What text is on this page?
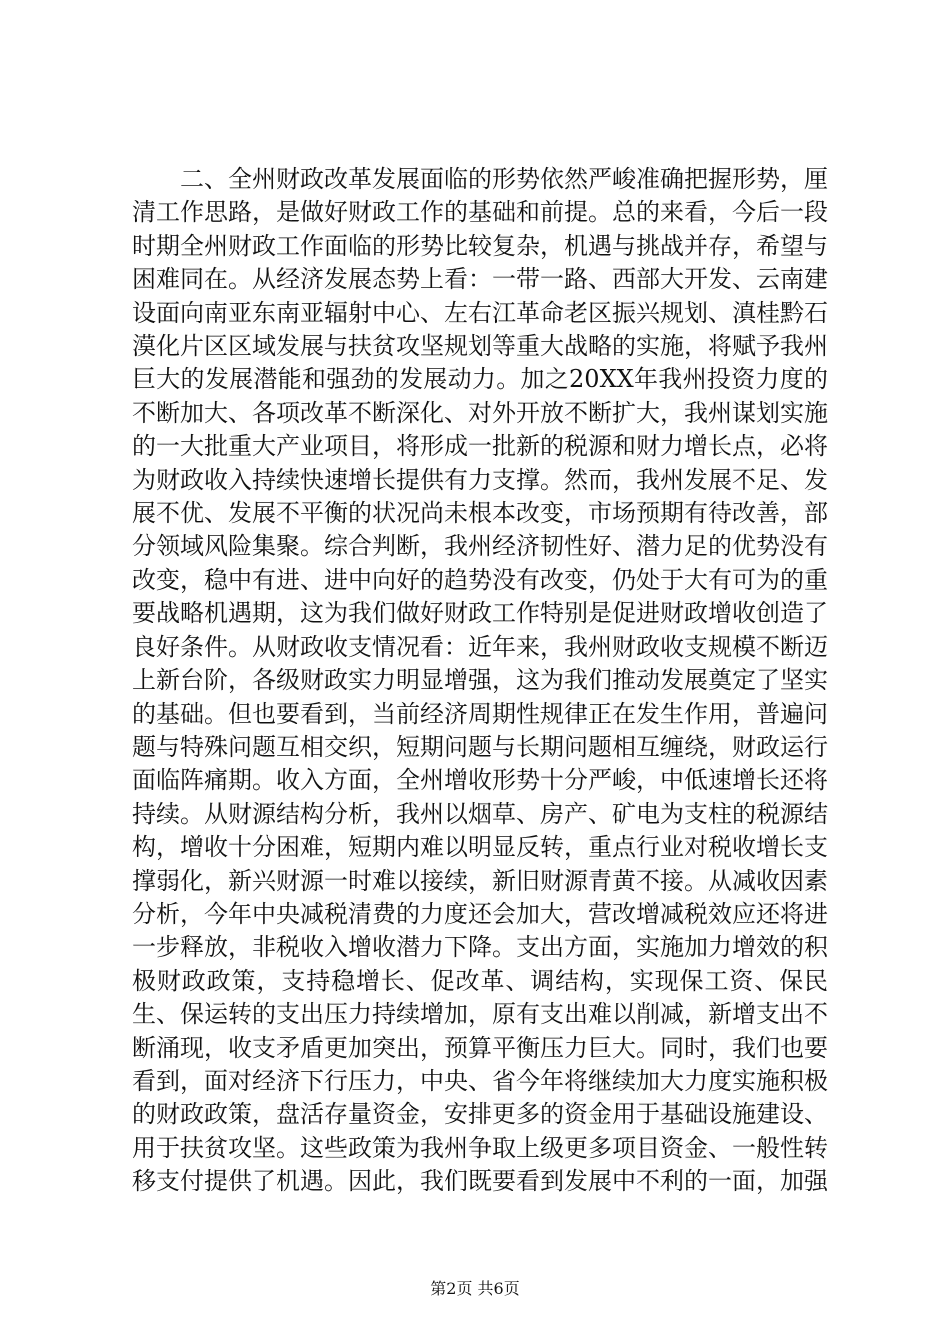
二、全州财政改革发展面临的形势依然严峻准确把握形势，厘清工作思路，是做好财政工作的基础和前提。总的来看，今后一段时期全州财政工作面临的形势比较复杂，机遇与挑战并存，希望与困难同在。从经济发展态势上看：一带一路、西部大开发、云南建设面向南亚东南亚辐射中心、左右江革命老区振兴规划、滇桂黔石漠化片区区域发展与扶贫攻坚规划等重大战略的实施，将赋予我州巨大的发展潜能和强劲的发展动力。加之20XX年我州投资力度的不断加大、各项改革不断深化、对外开放不断扩大，我州谋划实施的一大批重大产业项目，将形成一批新的税源和财力增长点，必将为财政收入持续快速增长提供有力支撑。然而，我州发展不足、发展不优、发展不平衡的状况尚未根本改变，市场预期有待改善，部分领域风险集聚。综合判断，我州经济韧性好、潜力足的优势没有改变，稳中有进、进中向好的趋势没有改变，仍处于大有可为的重要战略机遇期，这为我们做好财政工作特别是促进财政增收创造了良好条件。从财政收支情况看：近年来，我州财政收支规模不断迈上新台阶，各级财政实力明显增强，这为我们推动发展奠定了坚实的基础。但也要看到，当前经济周期性规律正在发生作用，普遍问题与特殊问题互相交织，短期问题与长期问题相互缠绕，财政运行面临阵痛期。收入方面，全州增收形势十分严峻，中低速增长还将持续。从财源结构分析，我州以烟草、房产、矿电为支柱的税源结构，增收十分困难，短期内难以明显反转，重点行业对税收增长支撑弱化，新兴财源一时难以接续，新旧财源青黄不接。从减收因素分析，今年中央减税清费的力度还会加大，营改增减税效应还将进一步释放，非税收入增收潜力下降。支出方面，实施加力增效的积极财政政策，支持稳增长、促改革、调结构，实现保工资、保民生、保运转的支出压力持续增加，原有支出难以削减，新增支出不断涌现，收支矛盾更加突出，预算平衡压力巨大。同时，我们也要看到，面对经济下行压力，中央、省今年将继续加大力度实施积极的财政政策，盘活存量资金，安排更多的资金用于基础设施建设、用于扶贫攻坚。这些政策为我州争取上级更多项目资金、一般性转移支付提供了机遇。因此，我们既要看到发展中不利的一面，加强

第2页 共6页
